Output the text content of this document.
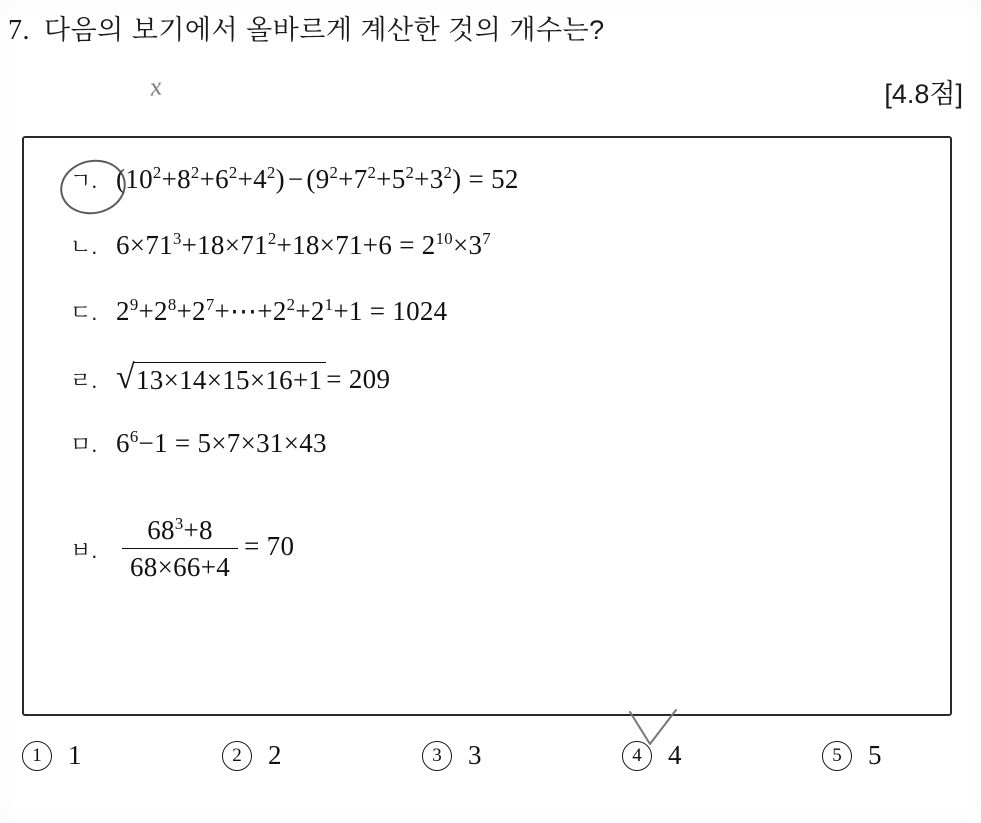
7. 다음의 보기에서 올바르게 계산한 것의 개수는?
x	[4.8점]
ㄱ. $(10^2+8^2+6^2+4^2) - (9^2+7^2+5^2+3^2) = 52$
ㄴ. $6\times 71^3+18\times 71^2+18\times 71+6 = 2^{10}\times 3^7$
ㄷ. $2^9+2^8+2^7+\cdots+2^2+2^1+1 = 1024$
ㄹ. √ 13×14×15×16+1 = 209
ㅁ. $6^6-1 = 5\times 7\times 31\times 43$
ㅂ. $\frac{68^3+8}{68\times 66+4} = 70$
1 1	2 2	3 3	4 4	5 5
